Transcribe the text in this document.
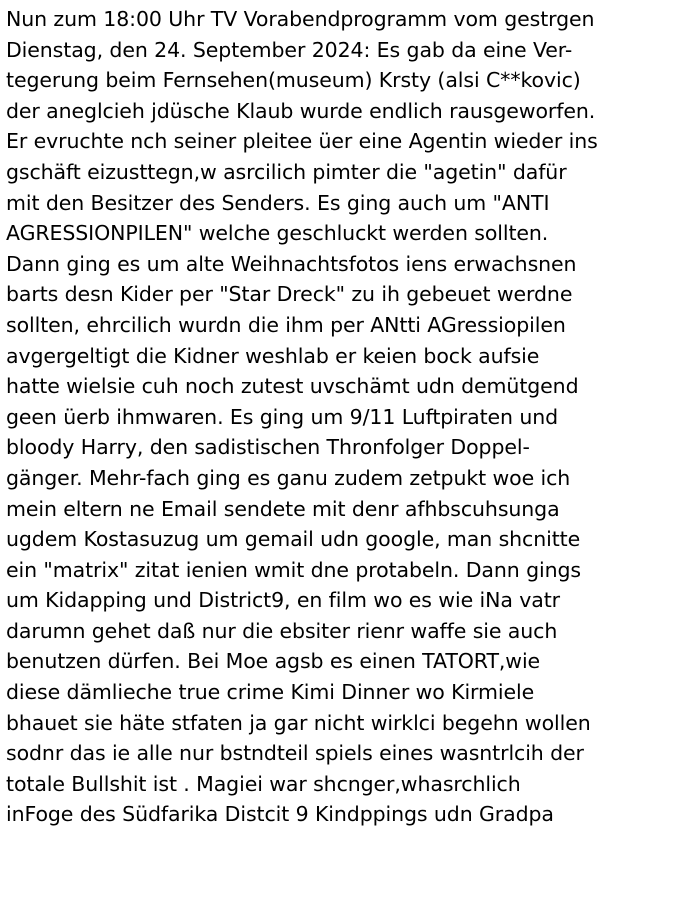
Nun zum 18:00 Uhr TV Vorabendprogramm vom gestrgen
Dienstag, den 24. September 2024: Es gab da eine Ver-
tegerung beim Fernsehen(museum) Krsty (alsi C**kovic)
der aneglcieh jdüsche Klaub wurde endlich rausgeworfen.
Er evruchte nch seiner pleitee üer eine Agentin wieder ins
gschäft eizusttegn,w asrcilich pimter die "agetin" dafür
mit den Besitzer des Senders. Es ging auch um "ANTI
AGRESSIONPILEN" welche geschluckt werden sollten.
Dann ging es um alte Weihnachtsfotos iens erwachsnen
barts desn Kider per "Star Dreck" zu ih gebeuet werdne
sollten, ehrcilich wurdn die ihm per ANtti AGressiopilen
avgergeltigt die Kidner weshlab er keien bock aufsie
hatte wielsie cuh noch zutest uvschämt udn demütgend
geen üerb ihmwaren. Es ging um 9/11 Luftpiraten und
bloody Harry, den sadistischen Thronfolger Doppel-
gänger. Mehr-fach ging es ganu zudem zetpukt woe ich
mein eltern ne Email sendete mit denr afhbscuhsunga
ugdem Kostasuzug um gemail udn google, man shcnitte
ein "matrix" zitat ienien wmit dne protabeln. Dann gings
um Kidapping und District9, en film wo es wie iNa vatr
darumn gehet daß nur die ebsiter rienr waffe sie auch
benutzen dürfen. Bei Moe agsb es einen TATORT,wie
diese dämlieche true crime Kimi Dinner wo Kirmiele
bhauet sie häte stfaten ja gar nicht wirklci begehn wollen
sodnr das ie alle nur bstndteil spiels eines wasntrlcih der
totale Bullshit ist . Magiei war shcnger,whasrchlich
inFoge des Südfarika Distcit 9 Kindppings udn Gradpa
